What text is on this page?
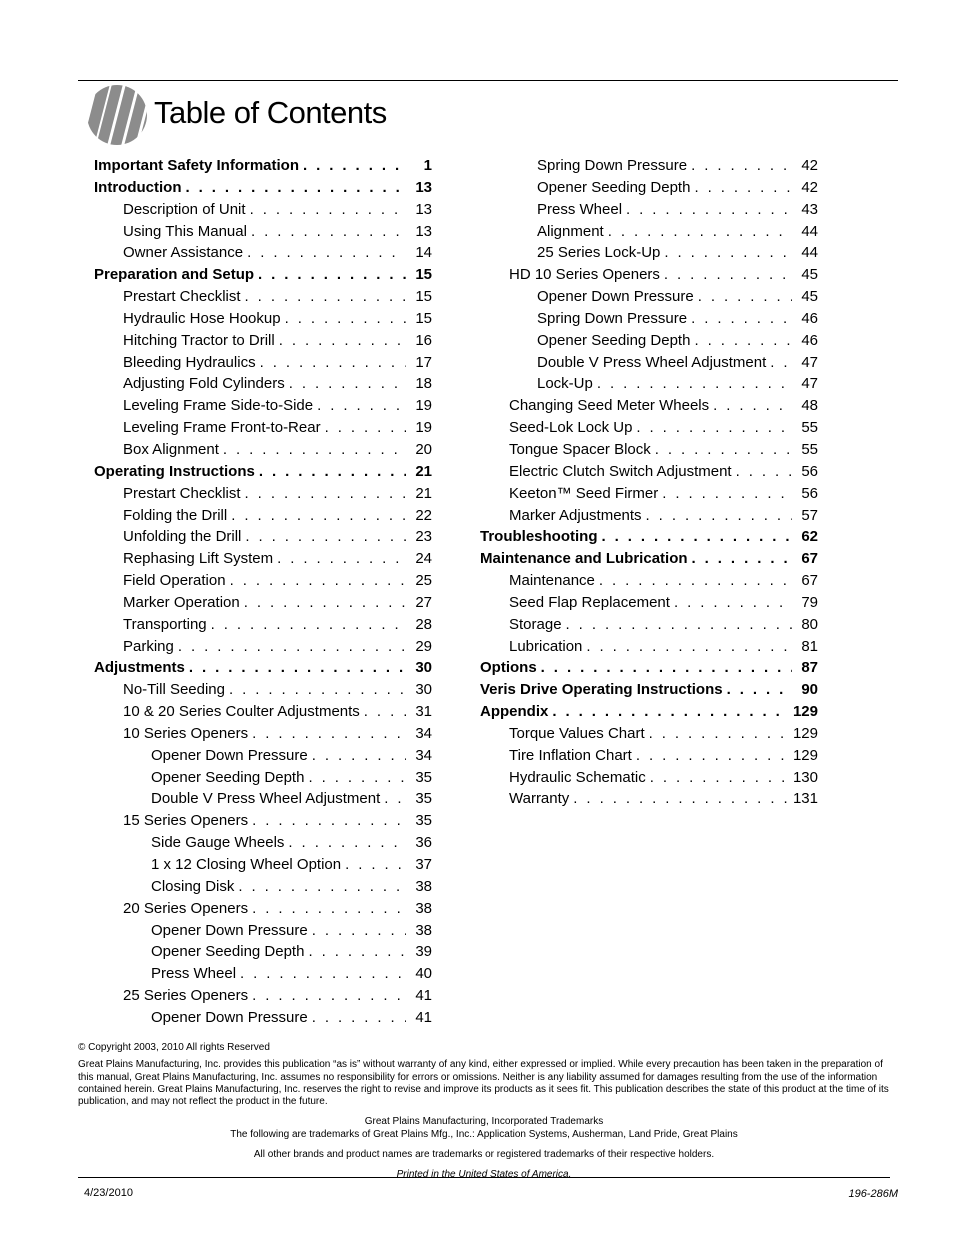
Table of Contents
Important Safety Information . . .	1
Introduction . . .	13
Description of Unit . . .	13
Using This Manual . . .	13
Owner Assistance . . .	14
Preparation and Setup . . .	15
Prestart Checklist . . .	15
Hydraulic Hose Hookup . . .	15
Hitching Tractor to Drill . . .	16
Bleeding Hydraulics . . .	17
Adjusting Fold Cylinders . . .	18
Leveling Frame Side-to-Side . . .	19
Leveling Frame Front-to-Rear . . .	19
Box Alignment . . .	20
Operating Instructions . . .	21
Prestart Checklist . . .	21
Folding the Drill . . .	22
Unfolding the Drill . . .	23
Rephasing Lift System . . .	24
Field Operation . . .	25
Marker Operation . . .	27
Transporting . . .	28
Parking . . .	29
Adjustments . . .	30
No-Till Seeding . . .	30
10 & 20 Series Coulter Adjustments . . .	31
10 Series Openers . . .	34
Opener Down Pressure . . .	34
Opener Seeding Depth . . .	35
Double V Press Wheel Adjustment . . .	35
15 Series Openers . . .	35
Side Gauge Wheels . . .	36
1 x 12 Closing Wheel Option . . .	37
Closing Disk . . .	38
20 Series Openers . . .	38
Opener Down Pressure . . .	38
Opener Seeding Depth . . .	39
Press Wheel . . .	40
25 Series Openers . . .	41
Opener Down Pressure . . .	41
Spring Down Pressure . . .	42
Opener Seeding Depth . . .	42
Press Wheel . . .	43
Alignment . . .	44
25 Series Lock-Up . . .	44
HD 10 Series Openers . . .	45
Opener Down Pressure . . .	45
Spring Down Pressure . . .	46
Opener Seeding Depth . . .	46
Double V Press Wheel Adjustment . . .	47
Lock-Up . . .	47
Changing Seed Meter Wheels . . .	48
Seed-Lok Lock Up . . .	55
Tongue Spacer Block . . .	55
Electric Clutch Switch Adjustment . . .	56
Keeton™ Seed Firmer . . .	56
Marker Adjustments . . .	57
Troubleshooting . . .	62
Maintenance and Lubrication . . .	67
Maintenance . . .	67
Seed Flap Replacement . . .	79
Storage . . .	80
Lubrication . . .	81
Options . . .	87
Veris Drive Operating Instructions . . .	90
Appendix . . .	129
Torque Values Chart . . .	129
Tire Inflation Chart . . .	129
Hydraulic Schematic . . .	130
Warranty . . .	131

© Copyright 2003, 2010 All rights Reserved

Great Plains Manufacturing, Inc. provides this publication “as is” without warranty of any kind, either expressed or implied. While every precaution has been taken in the preparation of this manual, Great Plains Manufacturing, Inc. assumes no responsibility for errors or omissions. Neither is any liability assumed for damages resulting from the use of the information contained herein. Great Plains Manufacturing, Inc. reserves the right to revise and improve its products as it sees fit. This publication describes the state of this product at the time of its publication, and may not reflect the product in the future.

Great Plains Manufacturing, Incorporated Trademarks

The following are trademarks of Great Plains Mfg., Inc.: Application Systems, Ausherman, Land Pride, Great Plains

All other brands and product names are trademarks or registered trademarks of their respective holders.

Printed in the United States of America.

4/23/2010	196-286M
